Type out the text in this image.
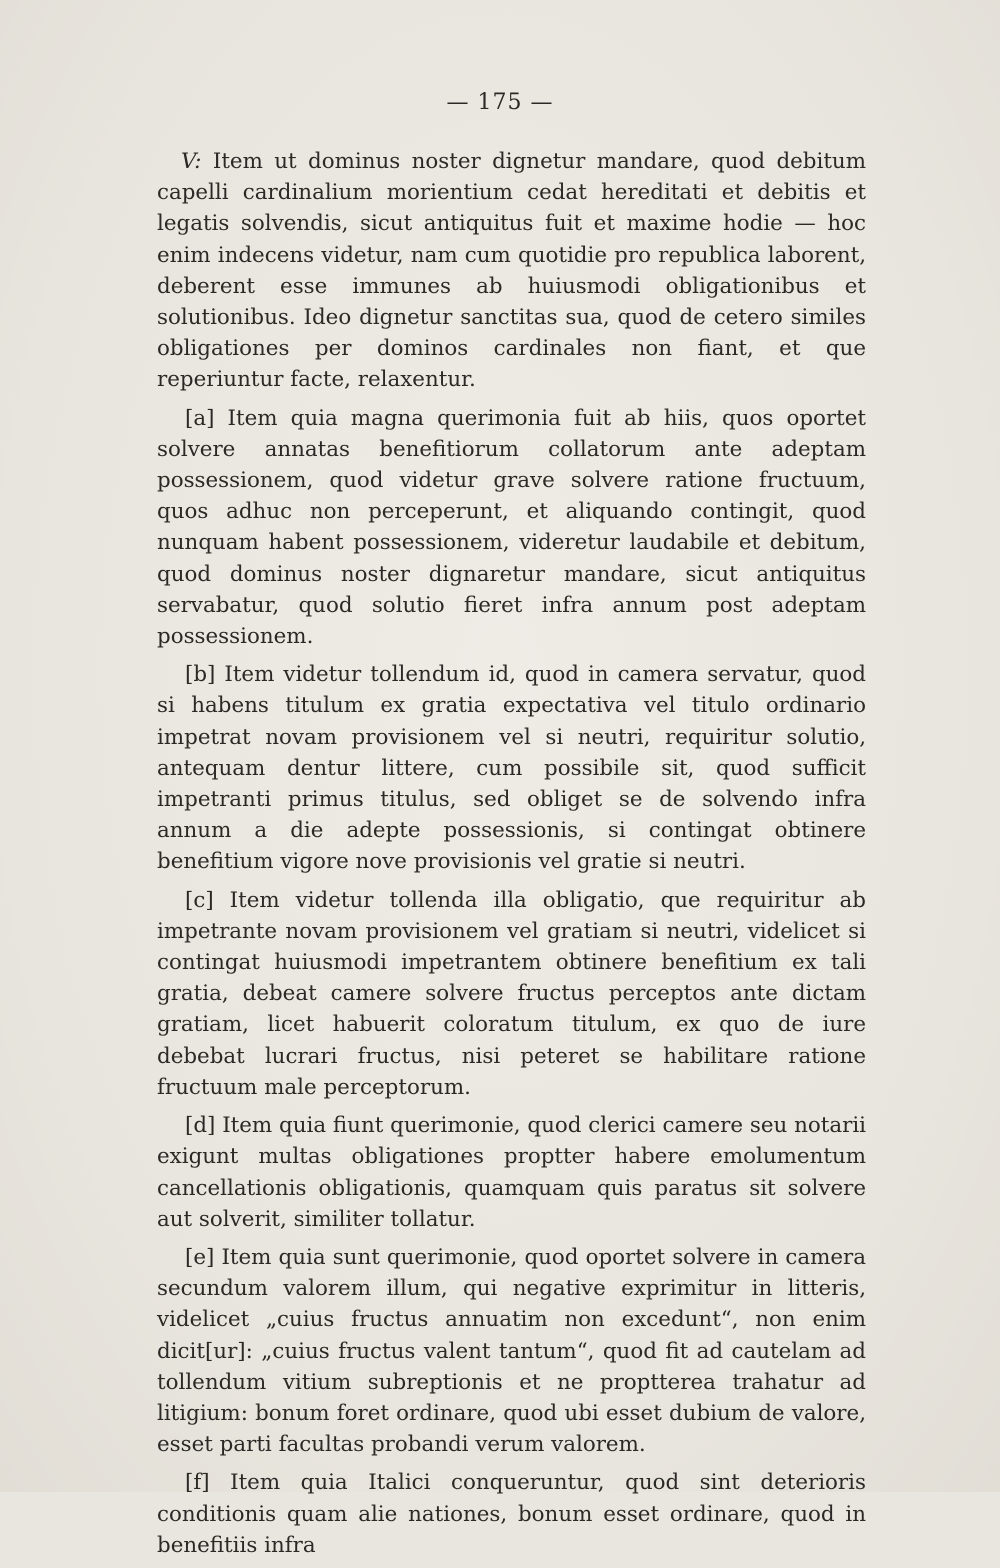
— 175 —

V: Item ut dominus noster dignetur mandare, quod debitum capelli cardinalium morientium cedat hereditati et debitis et legatis solvendis, sicut antiquitus fuit et maxime hodie — hoc enim indecens videtur, nam cum quotidie pro republica laborent, deberent esse immunes ab huiusmodi obligationibus et solutionibus. Ideo dignetur sanctitas sua, quod de cetero similes obligationes per dominos cardinales non fiant, et que reperiuntur facte, relaxentur.

[a] Item quia magna querimonia fuit ab hiis, quos oportet solvere annatas benefitiorum collatorum ante adeptam possessionem, quod videtur grave solvere ratione fructuum, quos adhuc non perceperunt, et aliquando contingit, quod nunquam habent possessionem, videretur laudabile et debitum, quod dominus noster dignaretur mandare, sicut antiquitus servabatur, quod solutio fieret infra annum post adeptam possessionem.

[b] Item videtur tollendum id, quod in camera servatur, quod si habens titulum ex gratia expectativa vel titulo ordinario impetrat novam provisionem vel si neutri, requiritur solutio, antequam dentur littere, cum possibile sit, quod sufficit impetranti primus titulus, sed obliget se de solvendo infra annum a die adepte possessionis, si contingat obtinere benefitium vigore nove provisionis vel gratie si neutri.

[c] Item videtur tollenda illa obligatio, que requiritur ab impetrante novam provisionem vel gratiam si neutri, videlicet si contingat huiusmodi impetrantem obtinere benefitium ex tali gratia, debeat camere solvere fructus perceptos ante dictam gratiam, licet habuerit coloratum titulum, ex quo de iure debebat lucrari fructus, nisi peteret se habilitare ratione fructuum male perceptorum.

[d] Item quia fiunt querimonie, quod clerici camere seu notarii exigunt multas obligationes proptter habere emolumentum cancellationis obligationis, quamquam quis paratus sit solvere aut solverit, similiter tollatur.

[e] Item quia sunt querimonie, quod oportet solvere in camera secundum valorem illum, qui negative exprimitur in litteris, videlicet „cuius fructus annuatim non excedunt“, non enim dicit[ur]: „cuius fructus valent tantum“, quod fit ad cautelam ad tollendum vitium subreptionis et ne proptterea trahatur ad litigium: bonum foret ordinare, quod ubi esset dubium de valore, esset parti facultas probandi verum valorem.

[f] Item quia Italici conqueruntur, quod sint deterioris conditionis quam alie nationes, bonum esset ordinare, quod in benefitiis infra
